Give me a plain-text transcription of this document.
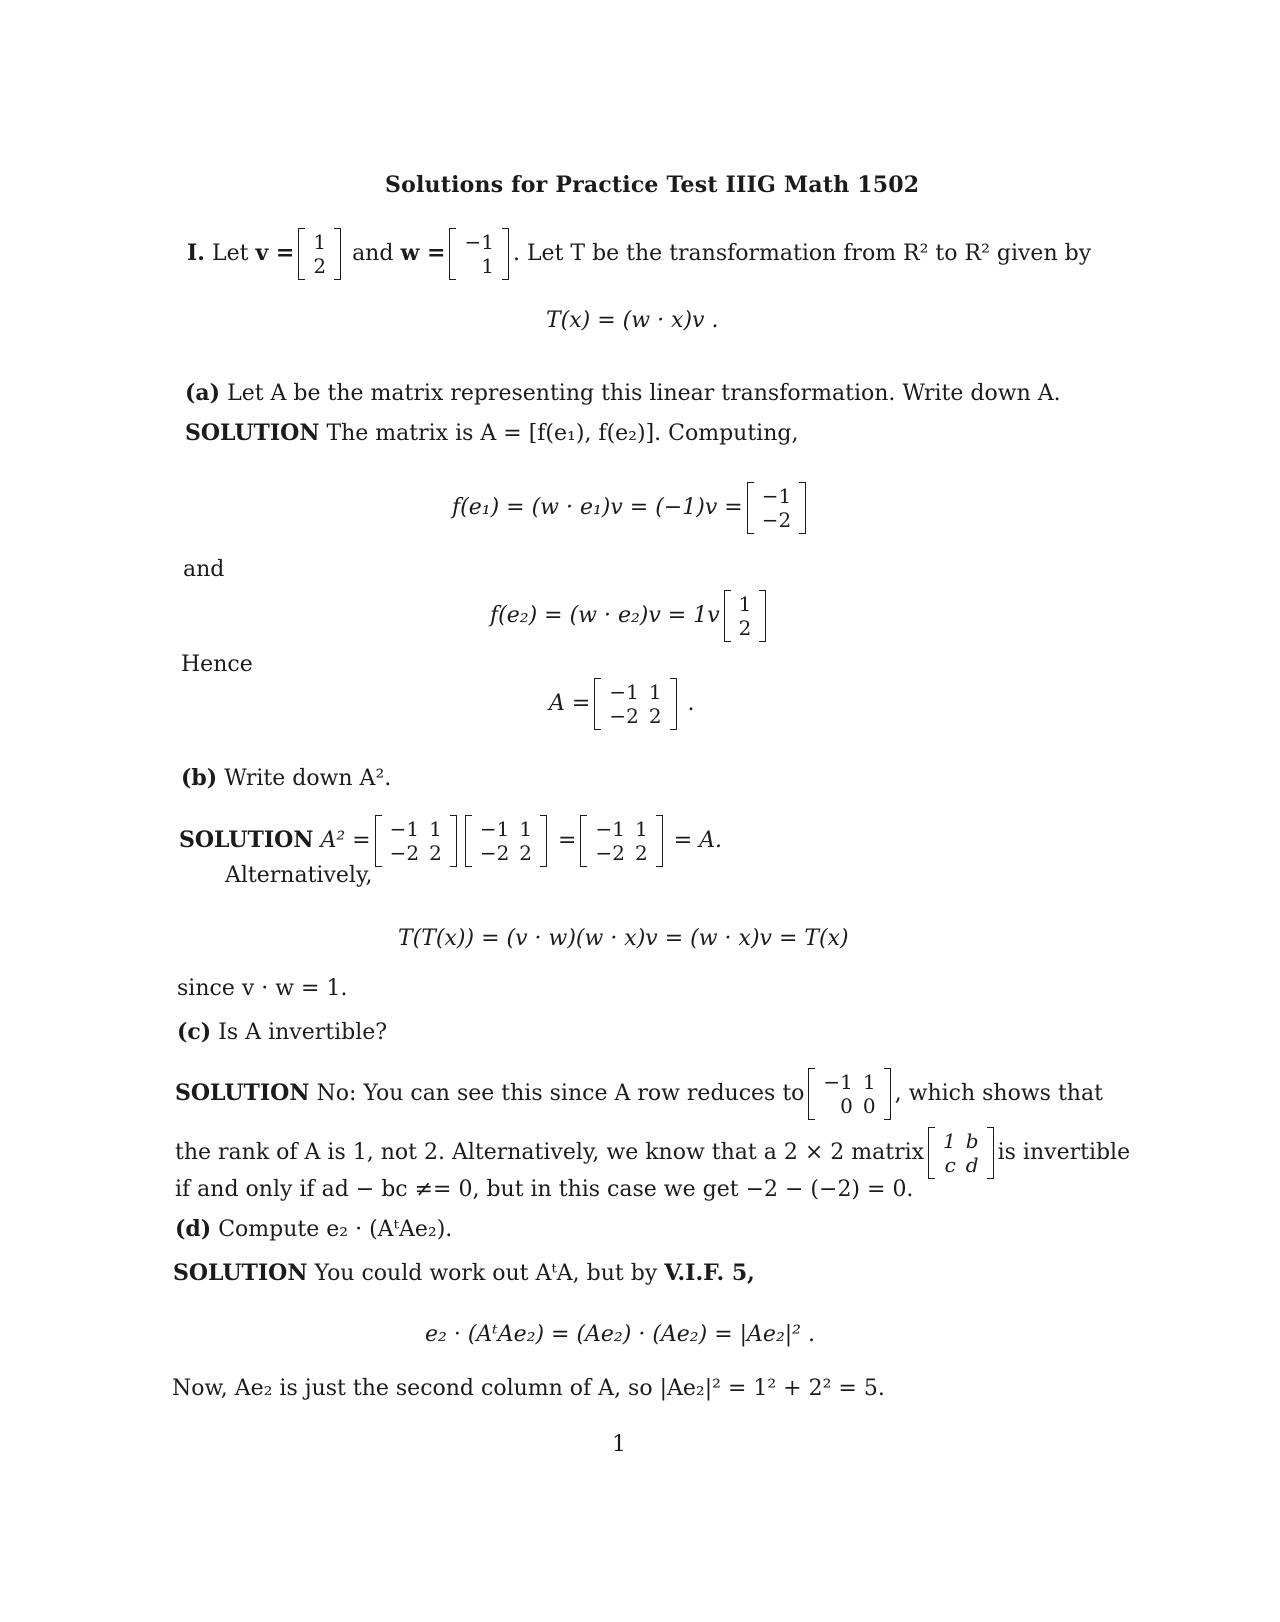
Solutions for Practice Test IIIG Math 1502
I. Let v = 1
2 and w = −1
1 . Let T be the transformation from R² to R² given by
T(x) = (w · x)v .
(a) Let A be the matrix representing this linear transformation. Write down A.
SOLUTION The matrix is A = [f(e₁), f(e₂)]. Computing,
f(e₁) = (w · e₁)v = (−1)v = −1
−2
and
f(e₂) = (w · e₂)v = 1v 1
2
Hence
A = −1	1
−2	2 .
(b) Write down A².
SOLUTION A² = −1	1
−2	2
−1	1
−2	2 = −1	1
−2	2 = A.
Alternatively,
T(T(x)) = (v · w)(w · x)v = (w · x)v = T(x)
since v · w = 1.
(c) Is A invertible?
SOLUTION No: You can see this since A row reduces to −1	1
0	0 , which shows that
the rank of A is 1, not 2. Alternatively, we know that a 2 × 2 matrix 1	b
c	d is invertible
if and only if ad − bc ≠= 0, but in this case we get −2 − (−2) = 0.
(d) Compute e₂ · (AᵗAe₂).
SOLUTION You could work out AᵗA, but by V.I.F. 5,
e₂ · (AᵗAe₂) = (Ae₂) · (Ae₂) = |Ae₂|² .
Now, Ae₂ is just the second column of A, so |Ae₂|² = 1² + 2² = 5.
1
